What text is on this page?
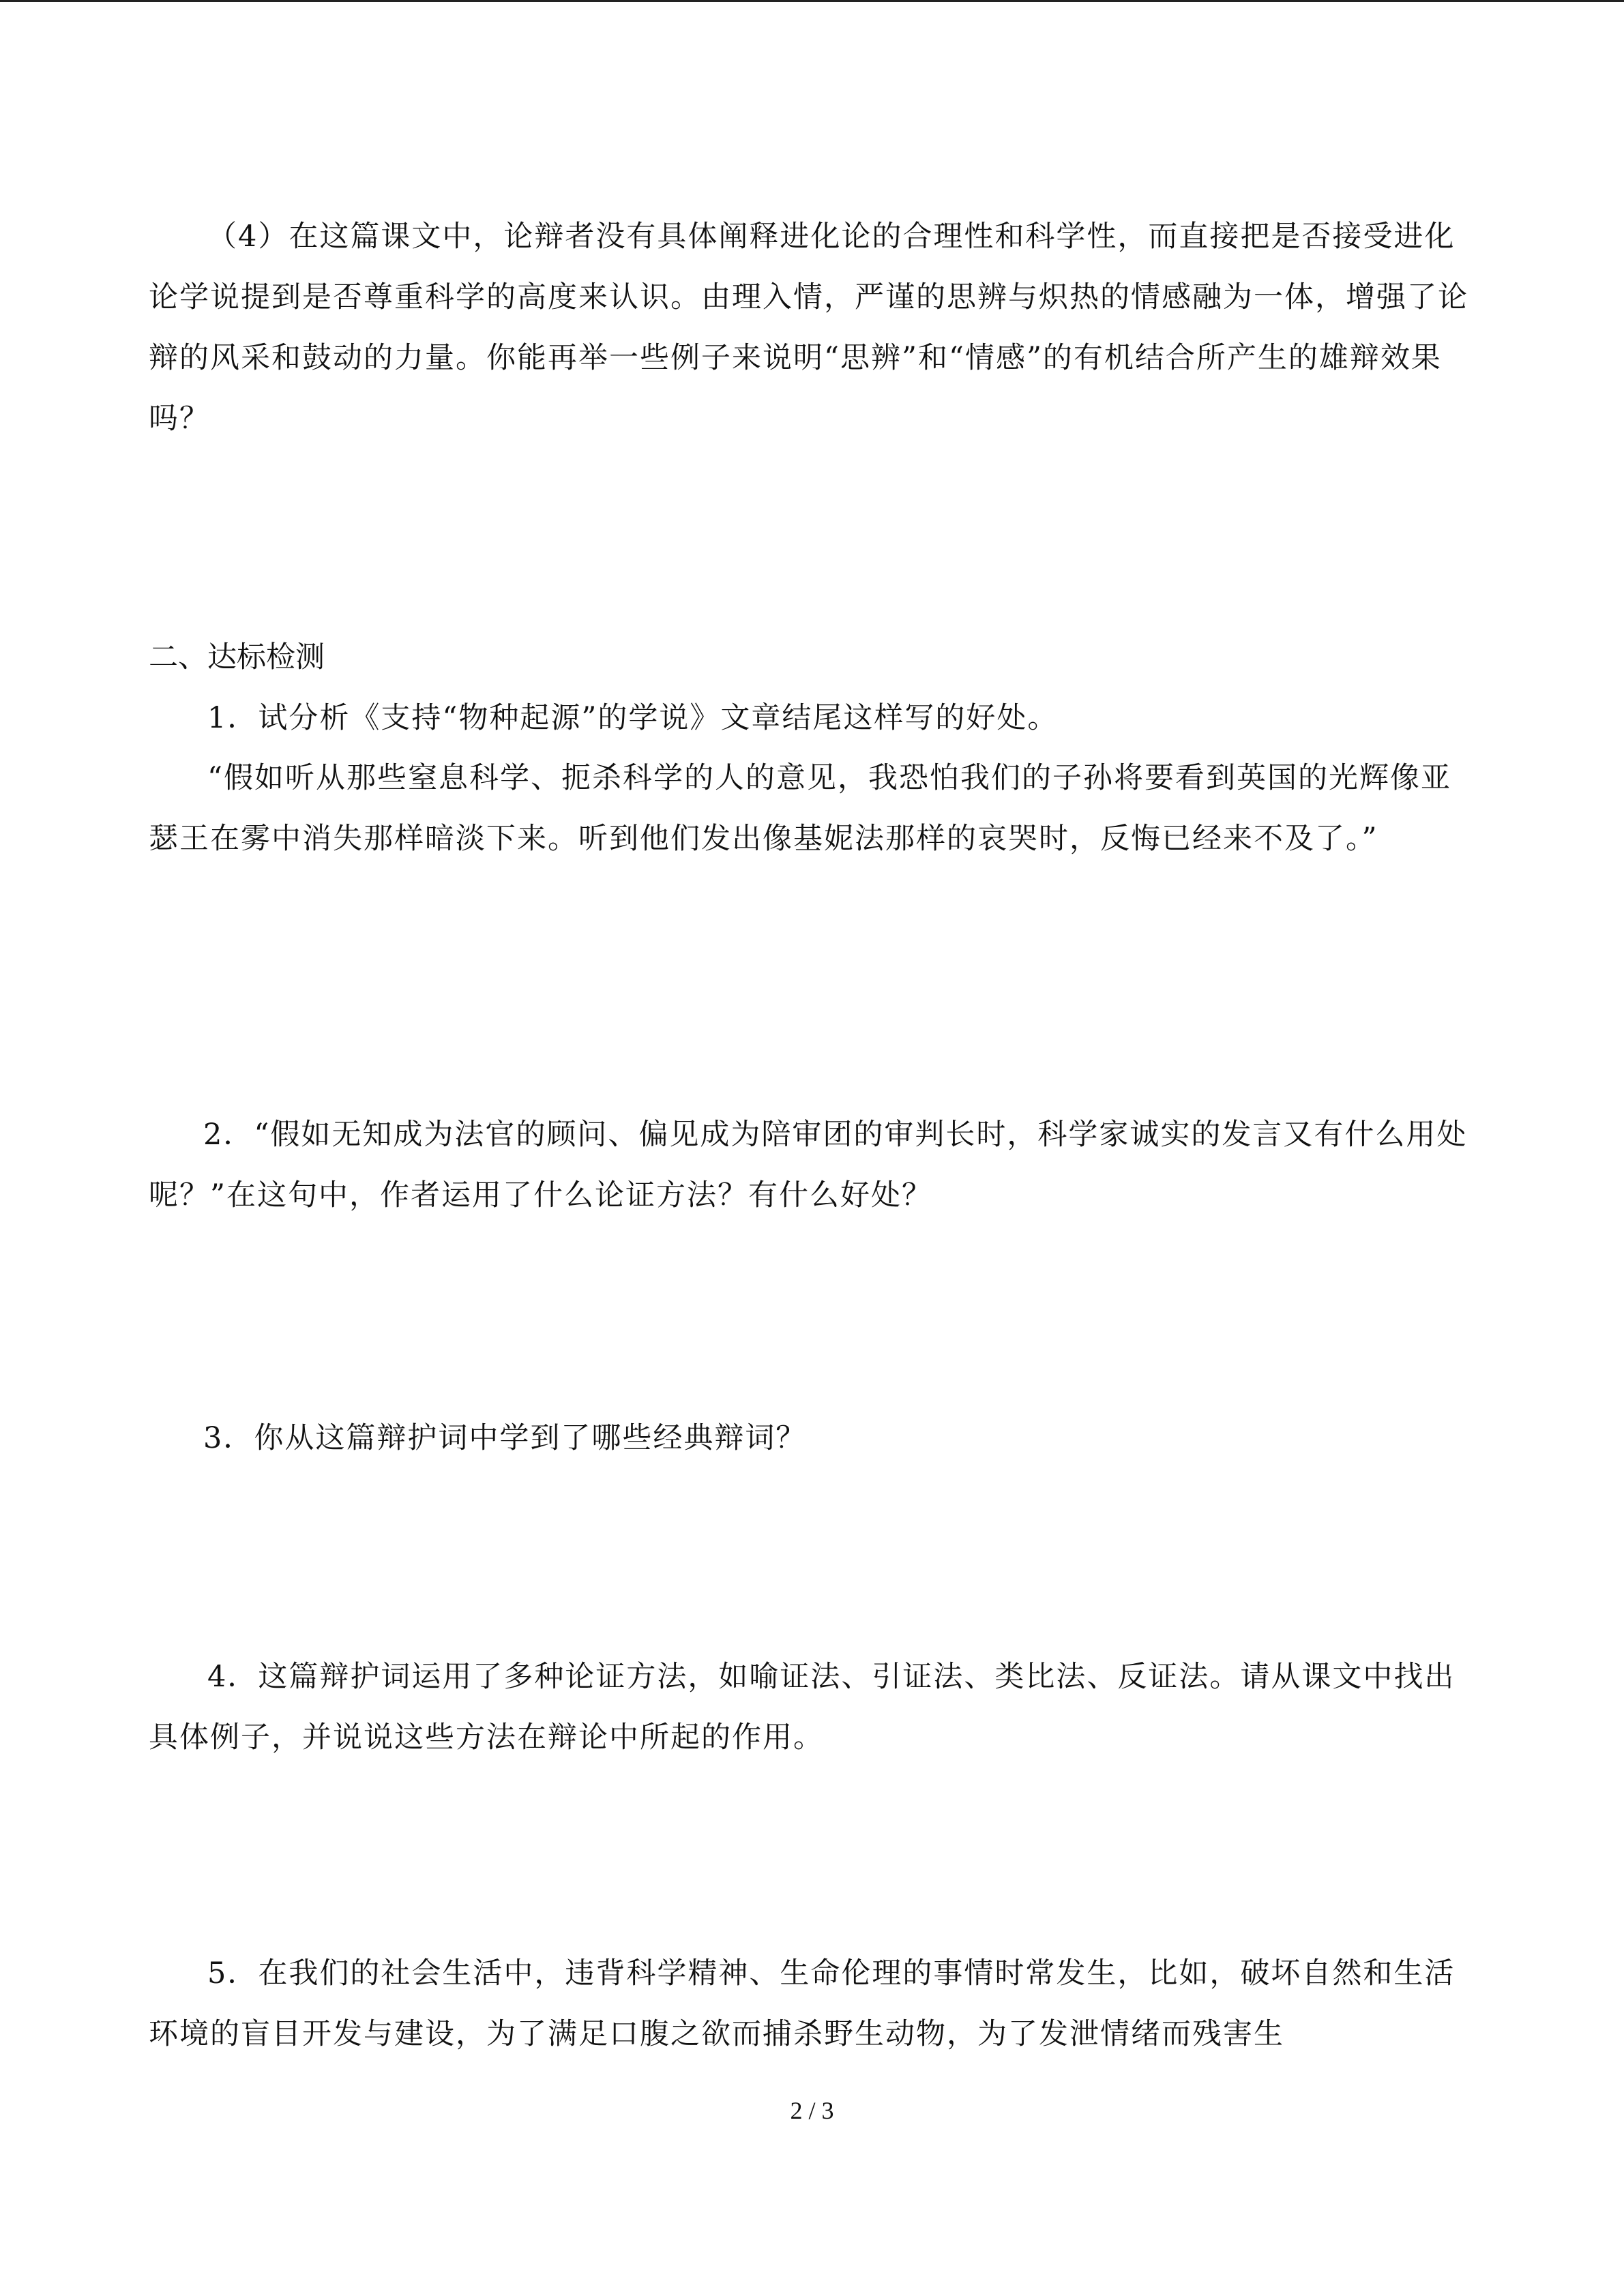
（4）在这篇课文中，论辩者没有具体阐释进化论的合理性和科学性，而直接把是否接受进化论学说提到是否尊重科学的高度来认识。由理入情，严谨的思辨与炽热的情感融为一体，增强了论辩的风采和鼓动的力量。你能再举一些例子来说明“思辨”和“情感”的有机结合所产生的雄辩效果吗？

二、达标检测

1．试分析《支持“物种起源”的学说》文章结尾这样写的好处。

“假如听从那些窒息科学、扼杀科学的人的意见，我恐怕我们的子孙将要看到英国的光辉像亚瑟王在雾中消失那样暗淡下来。听到他们发出像基妮法那样的哀哭时，反悔已经来不及了。”

2．“假如无知成为法官的顾问、偏见成为陪审团的审判长时，科学家诚实的发言又有什么用处呢？”在这句中，作者运用了什么论证方法？有什么好处？

3．你从这篇辩护词中学到了哪些经典辩词？

4．这篇辩护词运用了多种论证方法，如喻证法、引证法、类比法、反证法。请从课文中找出具体例子，并说说这些方法在辩论中所起的作用。

5．在我们的社会生活中，违背科学精神、生命伦理的事情时常发生，比如，破坏自然和生活环境的盲目开发与建设，为了满足口腹之欲而捕杀野生动物，为了发泄情绪而残害生

2 / 3
